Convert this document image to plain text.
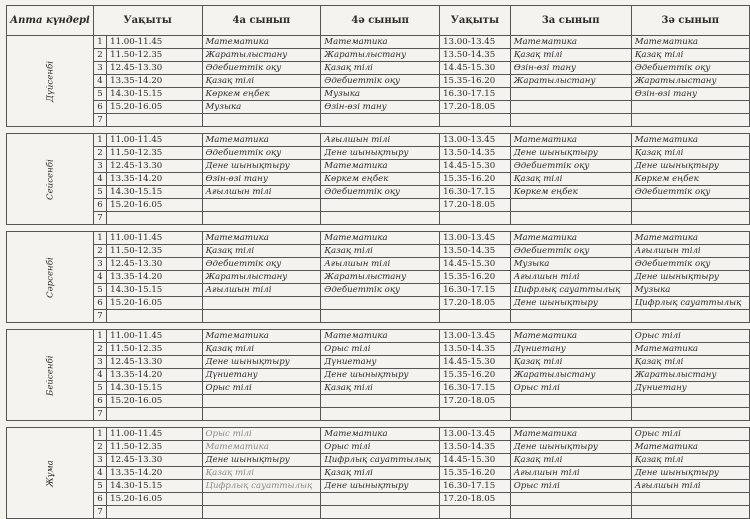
Апта күндері	Уақыты		4а сынып	4ә сынып	Уақыты	3а сынып	3ә сынып
Дүйсенбі	1	11.00-11.45	Математика	Математика	13.00-13.45	Математика	Математика
	2	11.50-12.35	Жаратылыстану	Жаратылыстану	13.50-14.35	Қазақ тілі	Қазақ тілі
	3	12.45-13.30	Әдебиеттік оқу	Қазақ тілі	14.45-15.30	Өзін-өзі тану	Әдебиеттік оқу
	4	13.35-14.20	Қазақ тілі	Әдебиеттік оқу	15.35-16.20	Жаратылыстану	Жаратылыстану
	5	14.30-15.15	Көркем еңбек	Музыка	16.30-17.15		Өзін-өзі тану
	6	15.20-16.05	Музыка	Өзін-өзі тану	17.20-18.05		
	7						

Сейсенбі	1	11.00-11.45	Математика	Ағылшын тілі	13.00-13.45	Математика	Математика
	2	11.50-12.35	Әдебиеттік оқу	Дене шынықтыру	13.50-14.35	Дене шынықтыру	Қазақ тілі
	3	12.45-13.30	Дене шынықтыру	Математика	14.45-15.30	Әдебиеттік оқу	Дене шынықтыру
	4	13.35-14.20	Өзін-өзі тану	Көркем еңбек	15.35-16.20	Қазақ тілі	Көркем еңбек
	5	14.30-15.15	Ағылшын тілі	Әдебиеттік оқу	16.30-17.15	Көркем еңбек	Әдебиеттік оқу
	6	15.20-16.05			17.20-18.05		
	7						

Сәрсенбі	1	11.00-11.45	Математика	Математика	13.00-13.45	Математика	Математика
	2	11.50-12.35	Қазақ тілі	Қазақ тілі	13.50-14.35	Әдебиеттік оқу	Ағылшын тілі
	3	12.45-13.30	Әдебиеттік оқу	Ағылшын тілі	14.45-15.30	Музыка	Әдебиеттік оқу
	4	13.35-14.20	Жаратылыстану	Жаратылыстану	15.35-16.20	Ағылшын тілі	Дене шынықтыру
	5	14.30-15.15	Ағылшын тілі	Әдебиеттік оқу	16.30-17.15	Цифрлық сауаттылық	Музыка
	6	15.20-16.05			17.20-18.05	Дене шынықтыру	Цифрлық сауаттылық
	7						

Бейсенбі	1	11.00-11.45	Математика	Математика	13.00-13.45	Математика	Орыс тілі
	2	11.50-12.35	Қазақ тілі	Орыс тілі	13.50-14.35	Дүниетану	Математика
	3	12.45-13.30	Дене шынықтыру	Дүниетану	14.45-15.30	Қазақ тілі	Қазақ тілі
	4	13.35-14.20	Дүниетану	Дене шынықтыру	15.35-16.20	Жаратылыстану	Жаратылыстану
	5	14.30-15.15	Орыс тілі	Қазақ тілі	16.30-17.15	Орыс тілі	Дүниетану
	6	15.20-16.05			17.20-18.05		
	7						

Жұма	1	11.00-11.45	Орыс тілі	Математика	13.00-13.45	Математика	Орыс тілі
	2	11.50-12.35	Математика	Орыс тілі	13.50-14.35	Дене шынықтыру	Математика
	3	12.45-13.30	Дене шынықтыру	Цифрлық сауаттылық	14.45-15.30	Қазақ тілі	Қазақ тілі
	4	13.35-14.20	Қазақ тілі	Қазақ тілі	15.35-16.20	Ағылшын тілі	Дене шынықтыру
	5	14.30-15.15	Цифрлық сауаттылық	Дене шынықтыру	16.30-17.15	Орыс тілі	Ағылшын тілі
	6	15.20-16.05			17.20-18.05		
	7						
